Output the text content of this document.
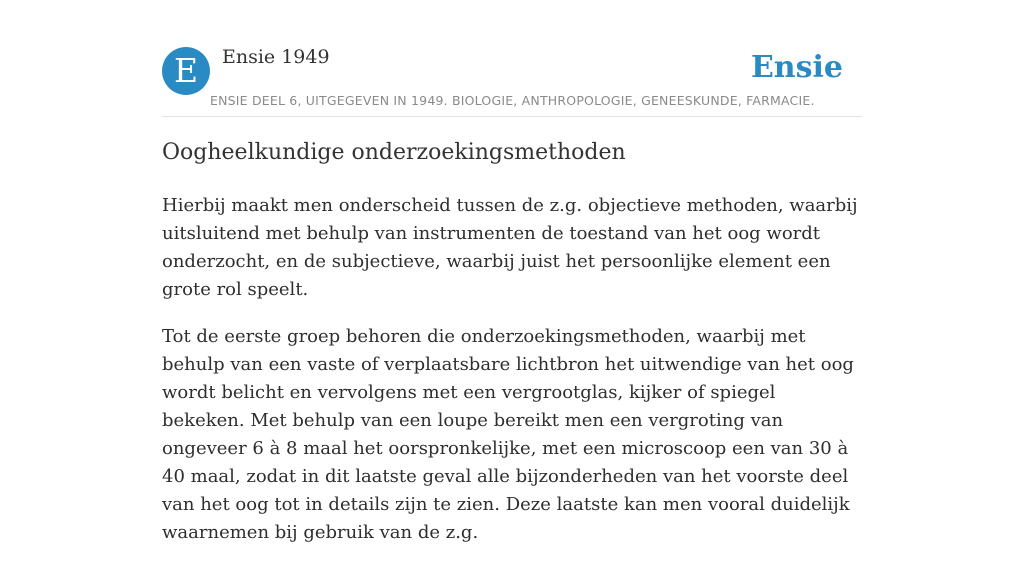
E	Ensie 1949	Ensie
ENSIE DEEL 6, UITGEGEVEN IN 1949. BIOLOGIE, ANTHROPOLOGIE, GENEESKUNDE, FARMACIE.
Oogheelkundige onderzoekingsmethoden

Hierbij maakt men onderscheid tussen de z.g. objectieve methoden, waarbij uitsluitend met behulp van instrumenten de toestand van het oog wordt onderzocht, en de subjectieve, waarbij juist het persoonlijke element een grote rol speelt.

Tot de eerste groep behoren die onderzoekingsmethoden, waarbij met behulp van een vaste of verplaatsbare lichtbron het uitwendige van het oog wordt belicht en vervolgens met een vergrootglas, kijker of spiegel bekeken. Met behulp van een loupe bereikt men een vergroting van ongeveer 6 à 8 maal het oorspronkelijke, met een microscoop een van 30 à 40 maal, zodat in dit laatste geval alle bijzonderheden van het voorste deel van het oog tot in details zijn te zien. Deze laatste kan men vooral duidelijk waarnemen bij gebruik van de z.g.
